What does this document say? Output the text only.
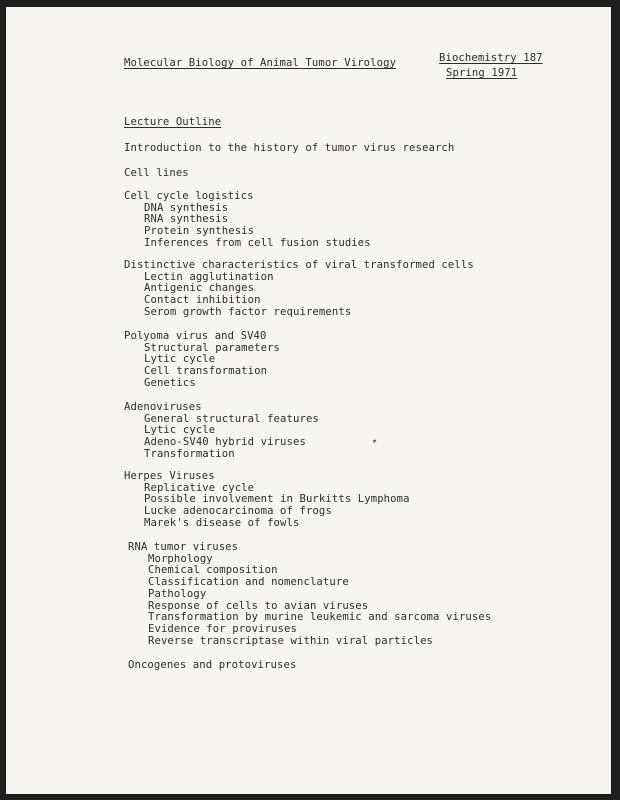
Molecular Biology of Animal Tumor Virology	Biochemistry 187
Spring 1971
Lecture Outline
Introduction to the history of tumor virus research
Cell lines
Cell cycle logistics
DNA synthesis
RNA synthesis
Protein synthesis
Inferences from cell fusion studies
Distinctive characteristics of viral transformed cells
Lectin agglutination
Antigenic changes
Contact inhibition
Serom growth factor requirements
Polyoma virus and SV40
Structural parameters
Lytic cycle
Cell transformation
Genetics
Adenoviruses
General structural features
Lytic cycle
Adeno-SV40 hybrid viruses
Transformation
Herpes Viruses
Replicative cycle
Possible involvement in Burkitts Lymphoma
Lucke adenocarcinoma of frogs
Marek's disease of fowls
RNA tumor viruses
Morphology
Chemical composition
Classification and nomenclature
Pathology
Response of cells to avian viruses
Transformation by murine leukemic and sarcoma viruses
Evidence for proviruses
Reverse transcriptase within viral particles
Oncogenes and protoviruses
